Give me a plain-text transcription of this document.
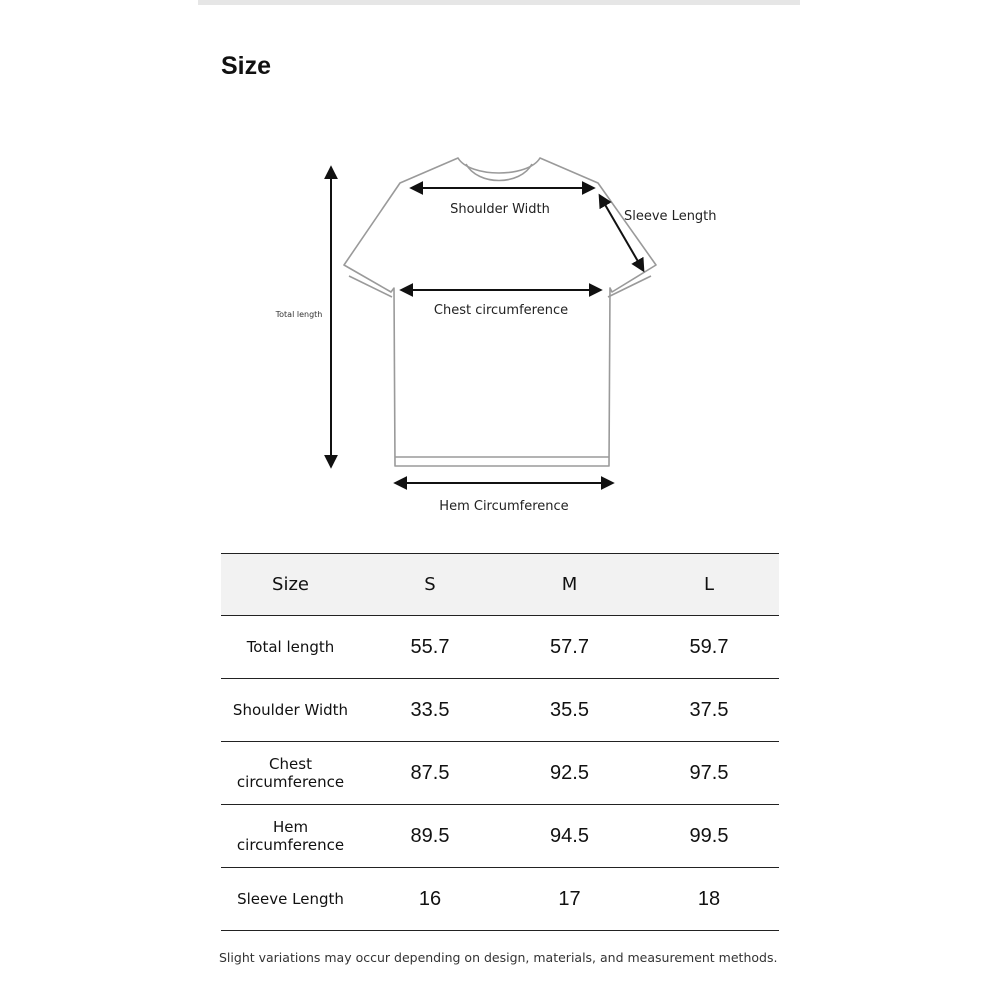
Size
Total length
Shoulder Width	Sleeve Length
Chest circumference
Hem Circumference
Size	S	M	L
Total length	55.7	57.7	59.7
Shoulder Width	33.5	35.5	37.5
Chest circumference	87.5	92.5	97.5
Hem circumference	89.5	94.5	99.5
Sleeve Length	16	17	18
Slight variations may occur depending on design, materials, and measurement methods.
